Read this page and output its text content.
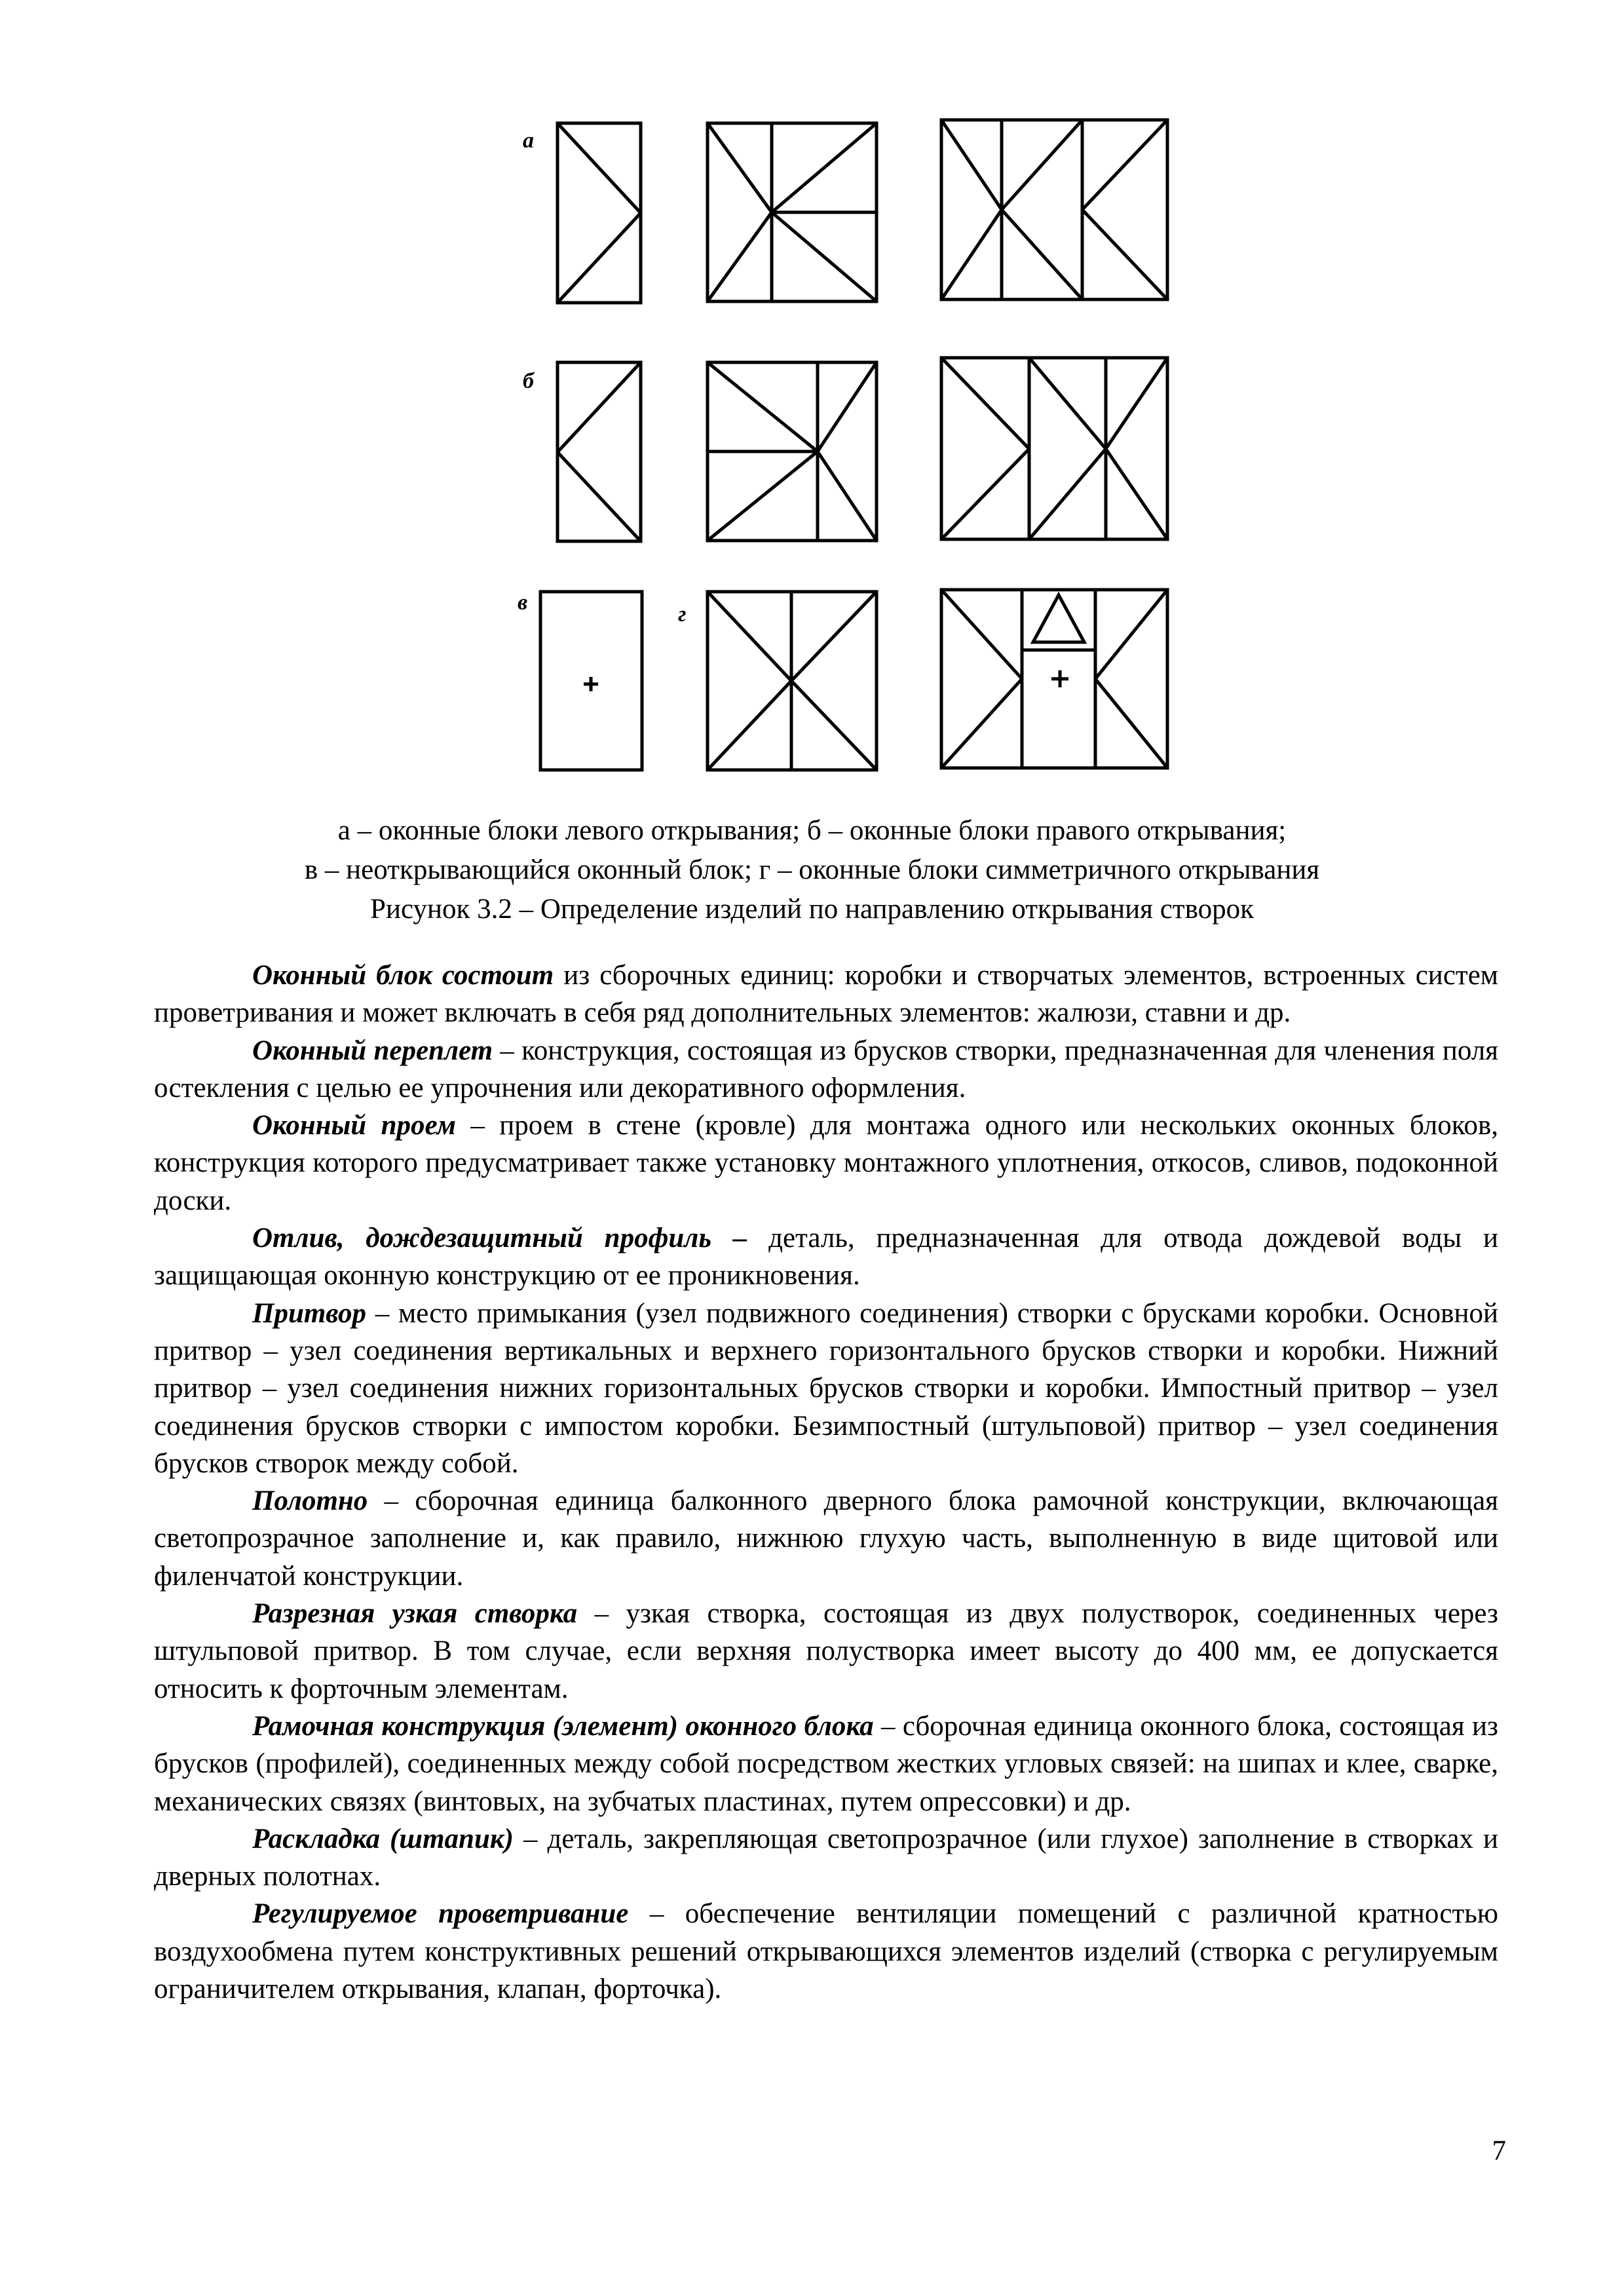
а
б
в	г
а – оконные блоки левого открывания; б – оконные блоки правого открывания;
в – неоткрывающийся оконный блок; г – оконные блоки симметричного открывания
Рисунок 3.2 – Определение изделий по направлению открывания створок

Оконный блок состоит из сборочных единиц: коробки и створчатых элементов, встроенных систем проветривания и может включать в себя ряд дополнительных элементов: жалюзи, ставни и др.

Оконный переплет – конструкция, состоящая из брусков створки, предназначенная для членения поля остекления с целью ее упрочнения или декоративного оформления.

Оконный проем – проем в стене (кровле) для монтажа одного или нескольких оконных блоков, конструкция которого предусматривает также установку монтажного уплотнения, откосов, сливов, подоконной доски.

Отлив, дождезащитный профиль – деталь, предназначенная для отвода дождевой воды и защищающая оконную конструкцию от ее проникновения.

Притвор – место примыкания (узел подвижного соединения) створки с брусками коробки. Основной притвор – узел соединения вертикальных и верхнего горизонтального брусков створки и коробки. Нижний притвор – узел соединения нижних горизонтальных брусков створки и коробки. Импостный притвор – узел соединения брусков створки с импостом коробки. Безимпостный (штульповой) притвор – узел соединения брусков створок между собой.

Полотно – сборочная единица балконного дверного блока рамочной конструкции, включающая светопрозрачное заполнение и, как правило, нижнюю глухую часть, выполненную в виде щитовой или филенчатой конструкции.

Разрезная узкая створка – узкая створка, состоящая из двух полустворок, соединенных через штульповой притвор. В том случае, если верхняя полустворка имеет высоту до 400 мм, ее допускается относить к форточным элементам.

Рамочная конструкция (элемент) оконного блока – сборочная единица оконного блока, состоящая из брусков (профилей), соединенных между собой посредством жестких угловых связей: на шипах и клее, сварке, механических связях (винтовых, на зубчатых пластинах, путем опрессовки) и др.

Раскладка (штапик) – деталь, закрепляющая светопрозрачное (или глухое) заполнение в створках и дверных полотнах.

Регулируемое проветривание – обеспечение вентиляции помещений с различной кратностью воздухообмена путем конструктивных решений открывающихся элементов изделий (створка с регулируемым ограничителем открывания, клапан, форточка).

7
